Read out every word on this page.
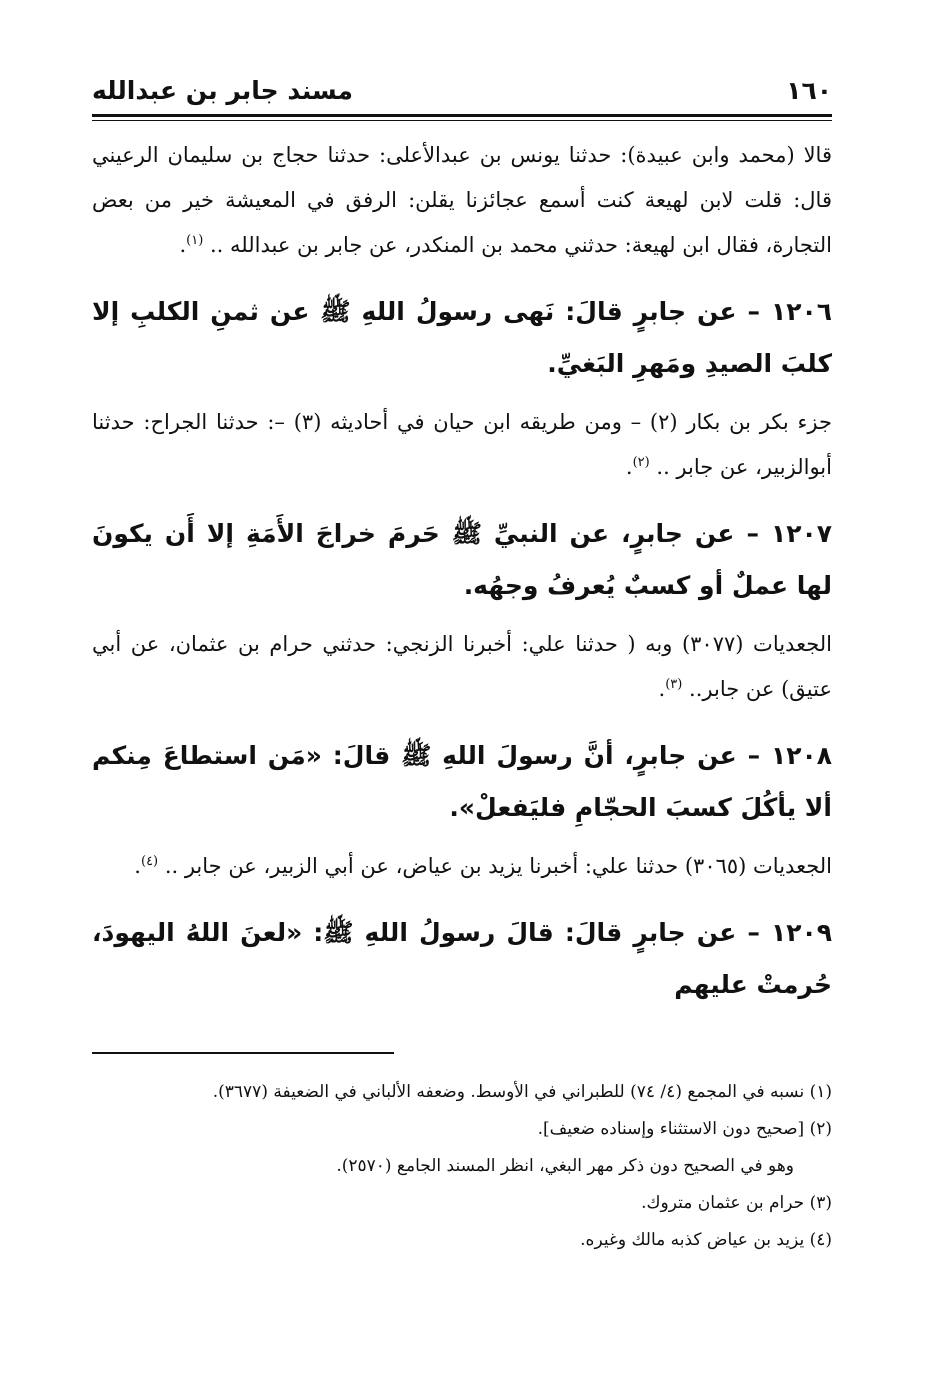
١٦٠
مسند جابر بن عبدالله

قالا (محمد وابن عبيدة): حدثنا يونس بن عبدالأعلى: حدثنا حجاج بن سليمان الرعيني قال: قلت لابن لهيعة كنت أسمع عجائزنا يقلن: الرفق في المعيشة خير من بعض التجارة، فقال ابن لهيعة: حدثني محمد بن المنكدر، عن جابر بن عبدالله .. $^{(١)}$.

١٢٠٦ – عن جابرٍ قالَ: نَهى رسولُ اللهِ ﷺ عن ثمنِ الكلبِ إلا كلبَ الصيدِ ومَهرِ البَغيِّ.

جزء بكر بن بكار (٢) – ومن طريقه ابن حيان في أحاديثه (٣) –: حدثنا الجراح: حدثنا أبوالزبير، عن جابر .. $^{(٢)}$.

١٢٠٧ – عن جابرٍ، عن النبيِّ ﷺ حَرمَ خراجَ الأَمَةِ إلا أَن يكونَ لها عملٌ أو كسبٌ يُعرفُ وجهُه.

الجعديات (٣٠٧٧) وبه ( حدثنا علي: أخبرنا الزنجي: حدثني حرام بن عثمان، عن أبي عتيق) عن جابر.. $^{(٣)}$.

١٢٠٨ – عن جابرٍ، أنَّ رسولَ اللهِ ﷺ قالَ: «مَن استطاعَ مِنكم ألا يأكُلَ كسبَ الحجّامِ فليَفعلْ».

الجعديات (٣٠٦٥) حدثنا علي: أخبرنا يزيد بن عياض، عن أبي الزبير، عن جابر .. $^{(٤)}$.

١٢٠٩ – عن جابرٍ قالَ: قالَ رسولُ اللهِ ﷺ: «لعنَ اللهُ اليهودَ، حُرمتْ عليهم

(١) نسبه في المجمع (٤/ ٧٤) للطبراني في الأوسط. وضعفه الألباني في الضعيفة (٣٦٧٧).

(٢) [صحيح دون الاستثناء وإسناده ضعيف].

وهو في الصحيح دون ذكر مهر البغي، انظر المسند الجامع (٢٥٧٠).

(٣) حرام بن عثمان متروك.

(٤) يزيد بن عياض كذبه مالك وغيره.
